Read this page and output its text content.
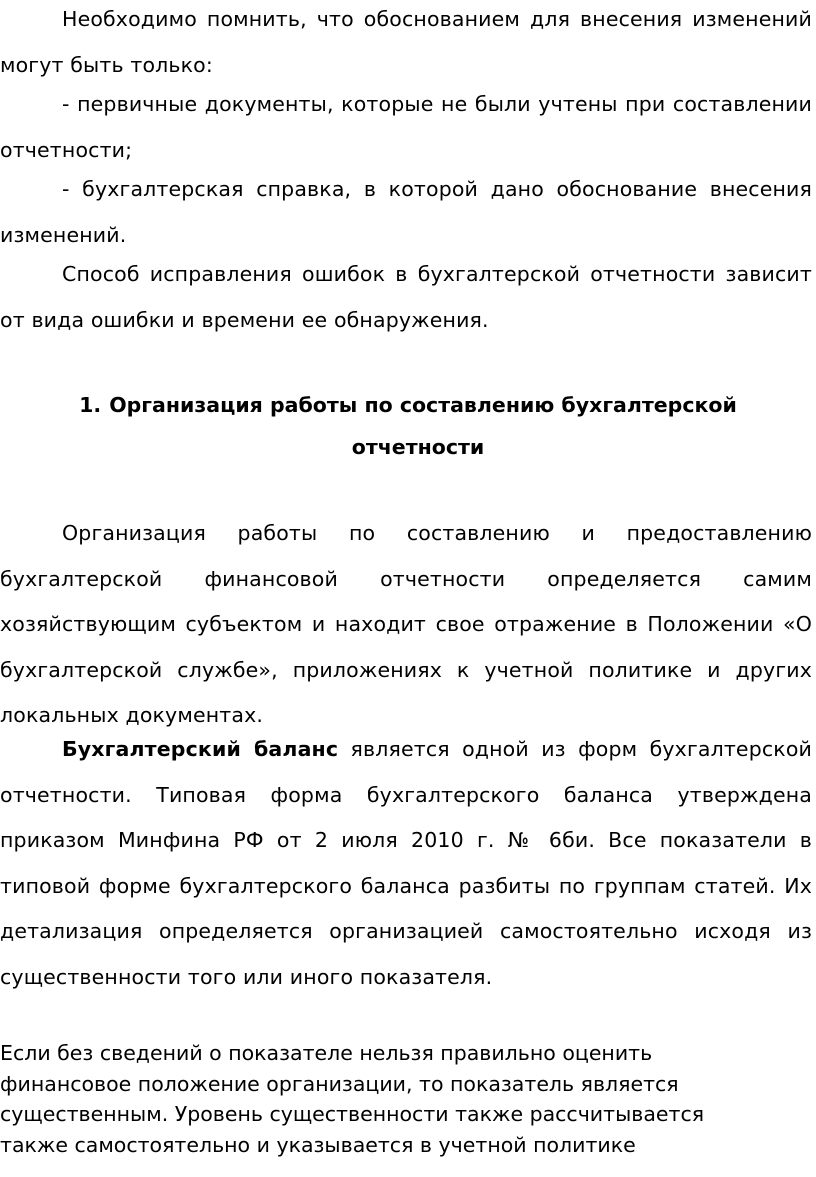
Необходимо помнить, что обоснованием для внесения изменений могут быть только:

- первичные документы, которые не были учтены при составлении отчетности;

- бухгалтерская справка, в которой дано обоснование внесения изменений.

Способ исправления ошибок в бухгалтерской отчетности зависит от вида ошибки и времени ее обнаружения.

1. Организация работы по составлению бухгалтерской
отчетности

Организация работы по составлению и предоставлению бухгалтерской финансовой отчетности определяется самим хозяйствующим субъектом и находит свое отражение в Положении «О бухгалтерской службе», приложениях к учетной политике и других локальных документах.

Бухгалтерский баланс является одной из форм бухгалтерской отчетности. Типовая форма бухгалтерского баланса утверждена приказом Минфина РФ от 2 июля 2010 г. № 6би. Все показатели в типовой форме бухгалтерского баланса разбиты по группам статей. Их детализация определяется организацией самостоятельно исходя из существенности того или иного показателя.

Если без сведений о показателе нельзя правильно оценить
финансовое положение организации, то показатель является
существенным. Уровень существенности также рассчитывается
также самостоятельно и указывается в учетной политике
